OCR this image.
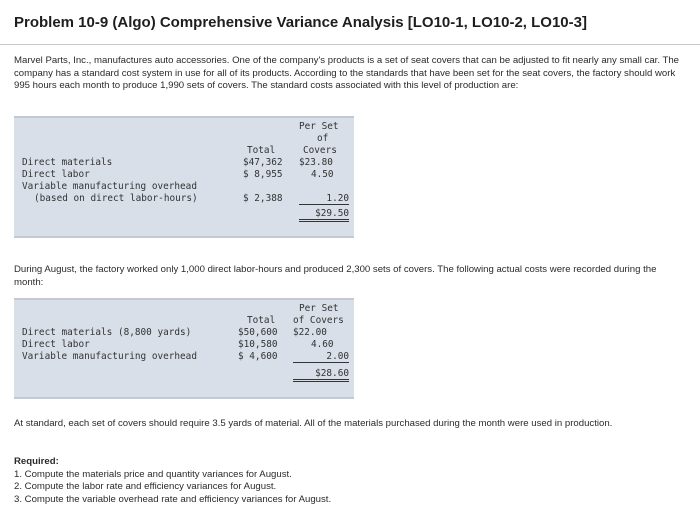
Problem 10-9 (Algo) Comprehensive Variance Analysis [LO10-1, LO10-2, LO10-3]
Marvel Parts, Inc., manufactures auto accessories. One of the company's products is a set of seat covers that can be adjusted to fit nearly any small car. The company has a standard cost system in use for all of its products. According to the standards that have been set for the seat covers, the factory should work 995 hours each month to produce 1,990 sets of covers. The standard costs associated with this level of production are:
Per Set
of
Total	Covers
Direct materials	$47,362 $23.80
Direct labor	$ 8,955	4.50
Variable manufacturing overhead
(based on direct labor-hours)	$ 2,388	1.20
$29.50
During August, the factory worked only 1,000 direct labor-hours and produced 2,300 sets of covers. The following actual costs were recorded during the month:
Per Set
Total of Covers
Direct materials (8,800 yards)	$50,600 $22.00
Direct labor	$10,580	4.60
Variable manufacturing overhead	$ 4,600	2.00
$28.60
At standard, each set of covers should require 3.5 yards of material. All of the materials purchased during the month were used in production.
Required:
1. Compute the materials price and quantity variances for August.
2. Compute the labor rate and efficiency variances for August.
3. Compute the variable overhead rate and efficiency variances for August.
